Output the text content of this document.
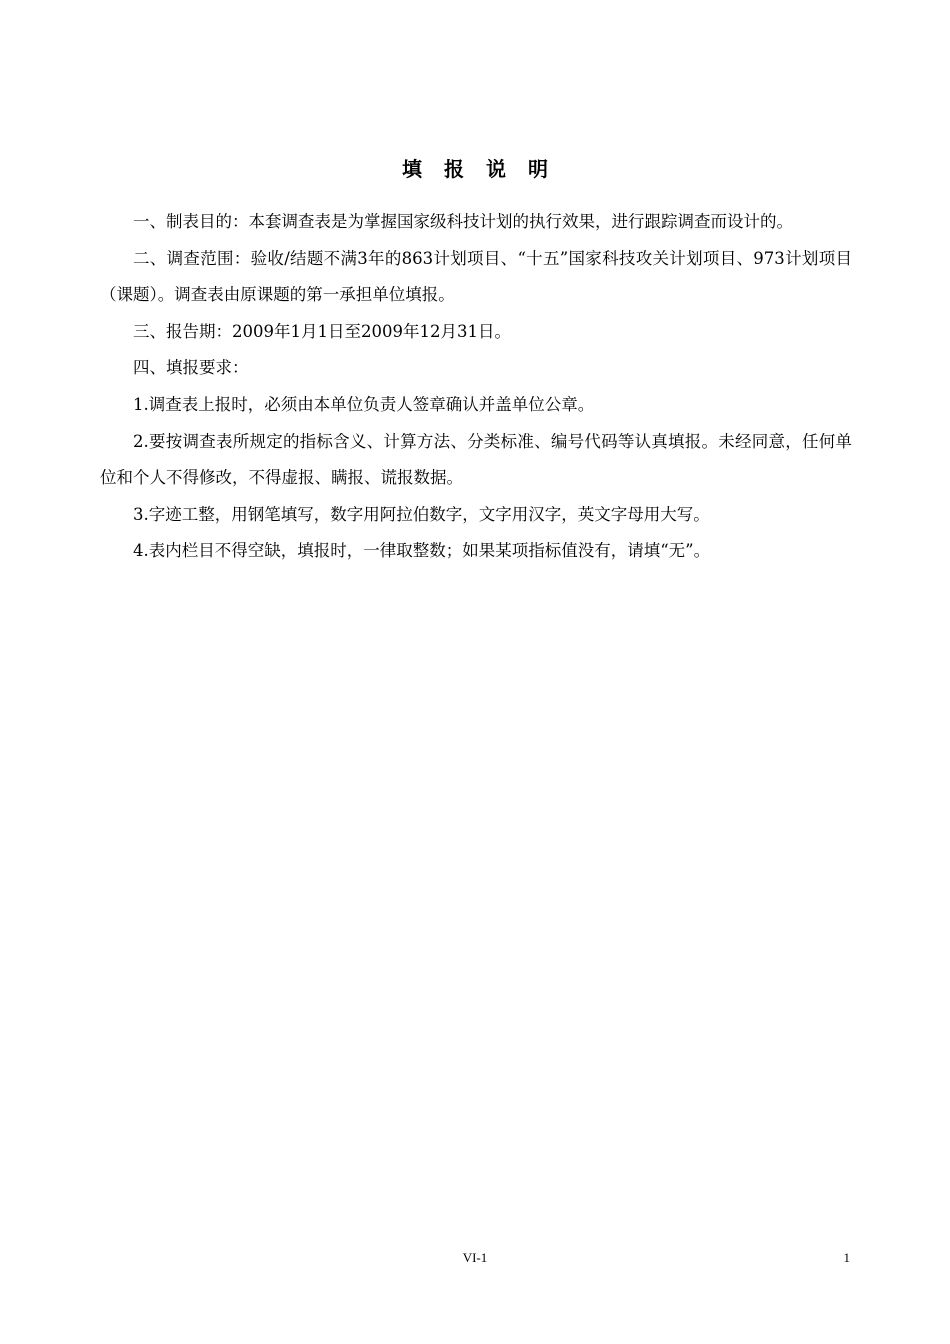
填报说明

一、制表目的：本套调查表是为掌握国家级科技计划的执行效果，进行跟踪调查而设计的。

二、调查范围：验收/结题不满3年的863计划项目、“十五”国家科技攻关计划项目、973计划项目（课题）。调查表由原课题的第一承担单位填报。

三、报告期：2009年1月1日至2009年12月31日。

四、填报要求：

1.调查表上报时，必须由本单位负责人签章确认并盖单位公章。

2.要按调查表所规定的指标含义、计算方法、分类标准、编号代码等认真填报。未经同意，任何单位和个人不得修改，不得虚报、瞒报、谎报数据。

3.字迹工整，用钢笔填写，数字用阿拉伯数字，文字用汉字，英文字母用大写。

4.表内栏目不得空缺，填报时，一律取整数；如果某项指标值没有，请填“无”。

VI-1	1
